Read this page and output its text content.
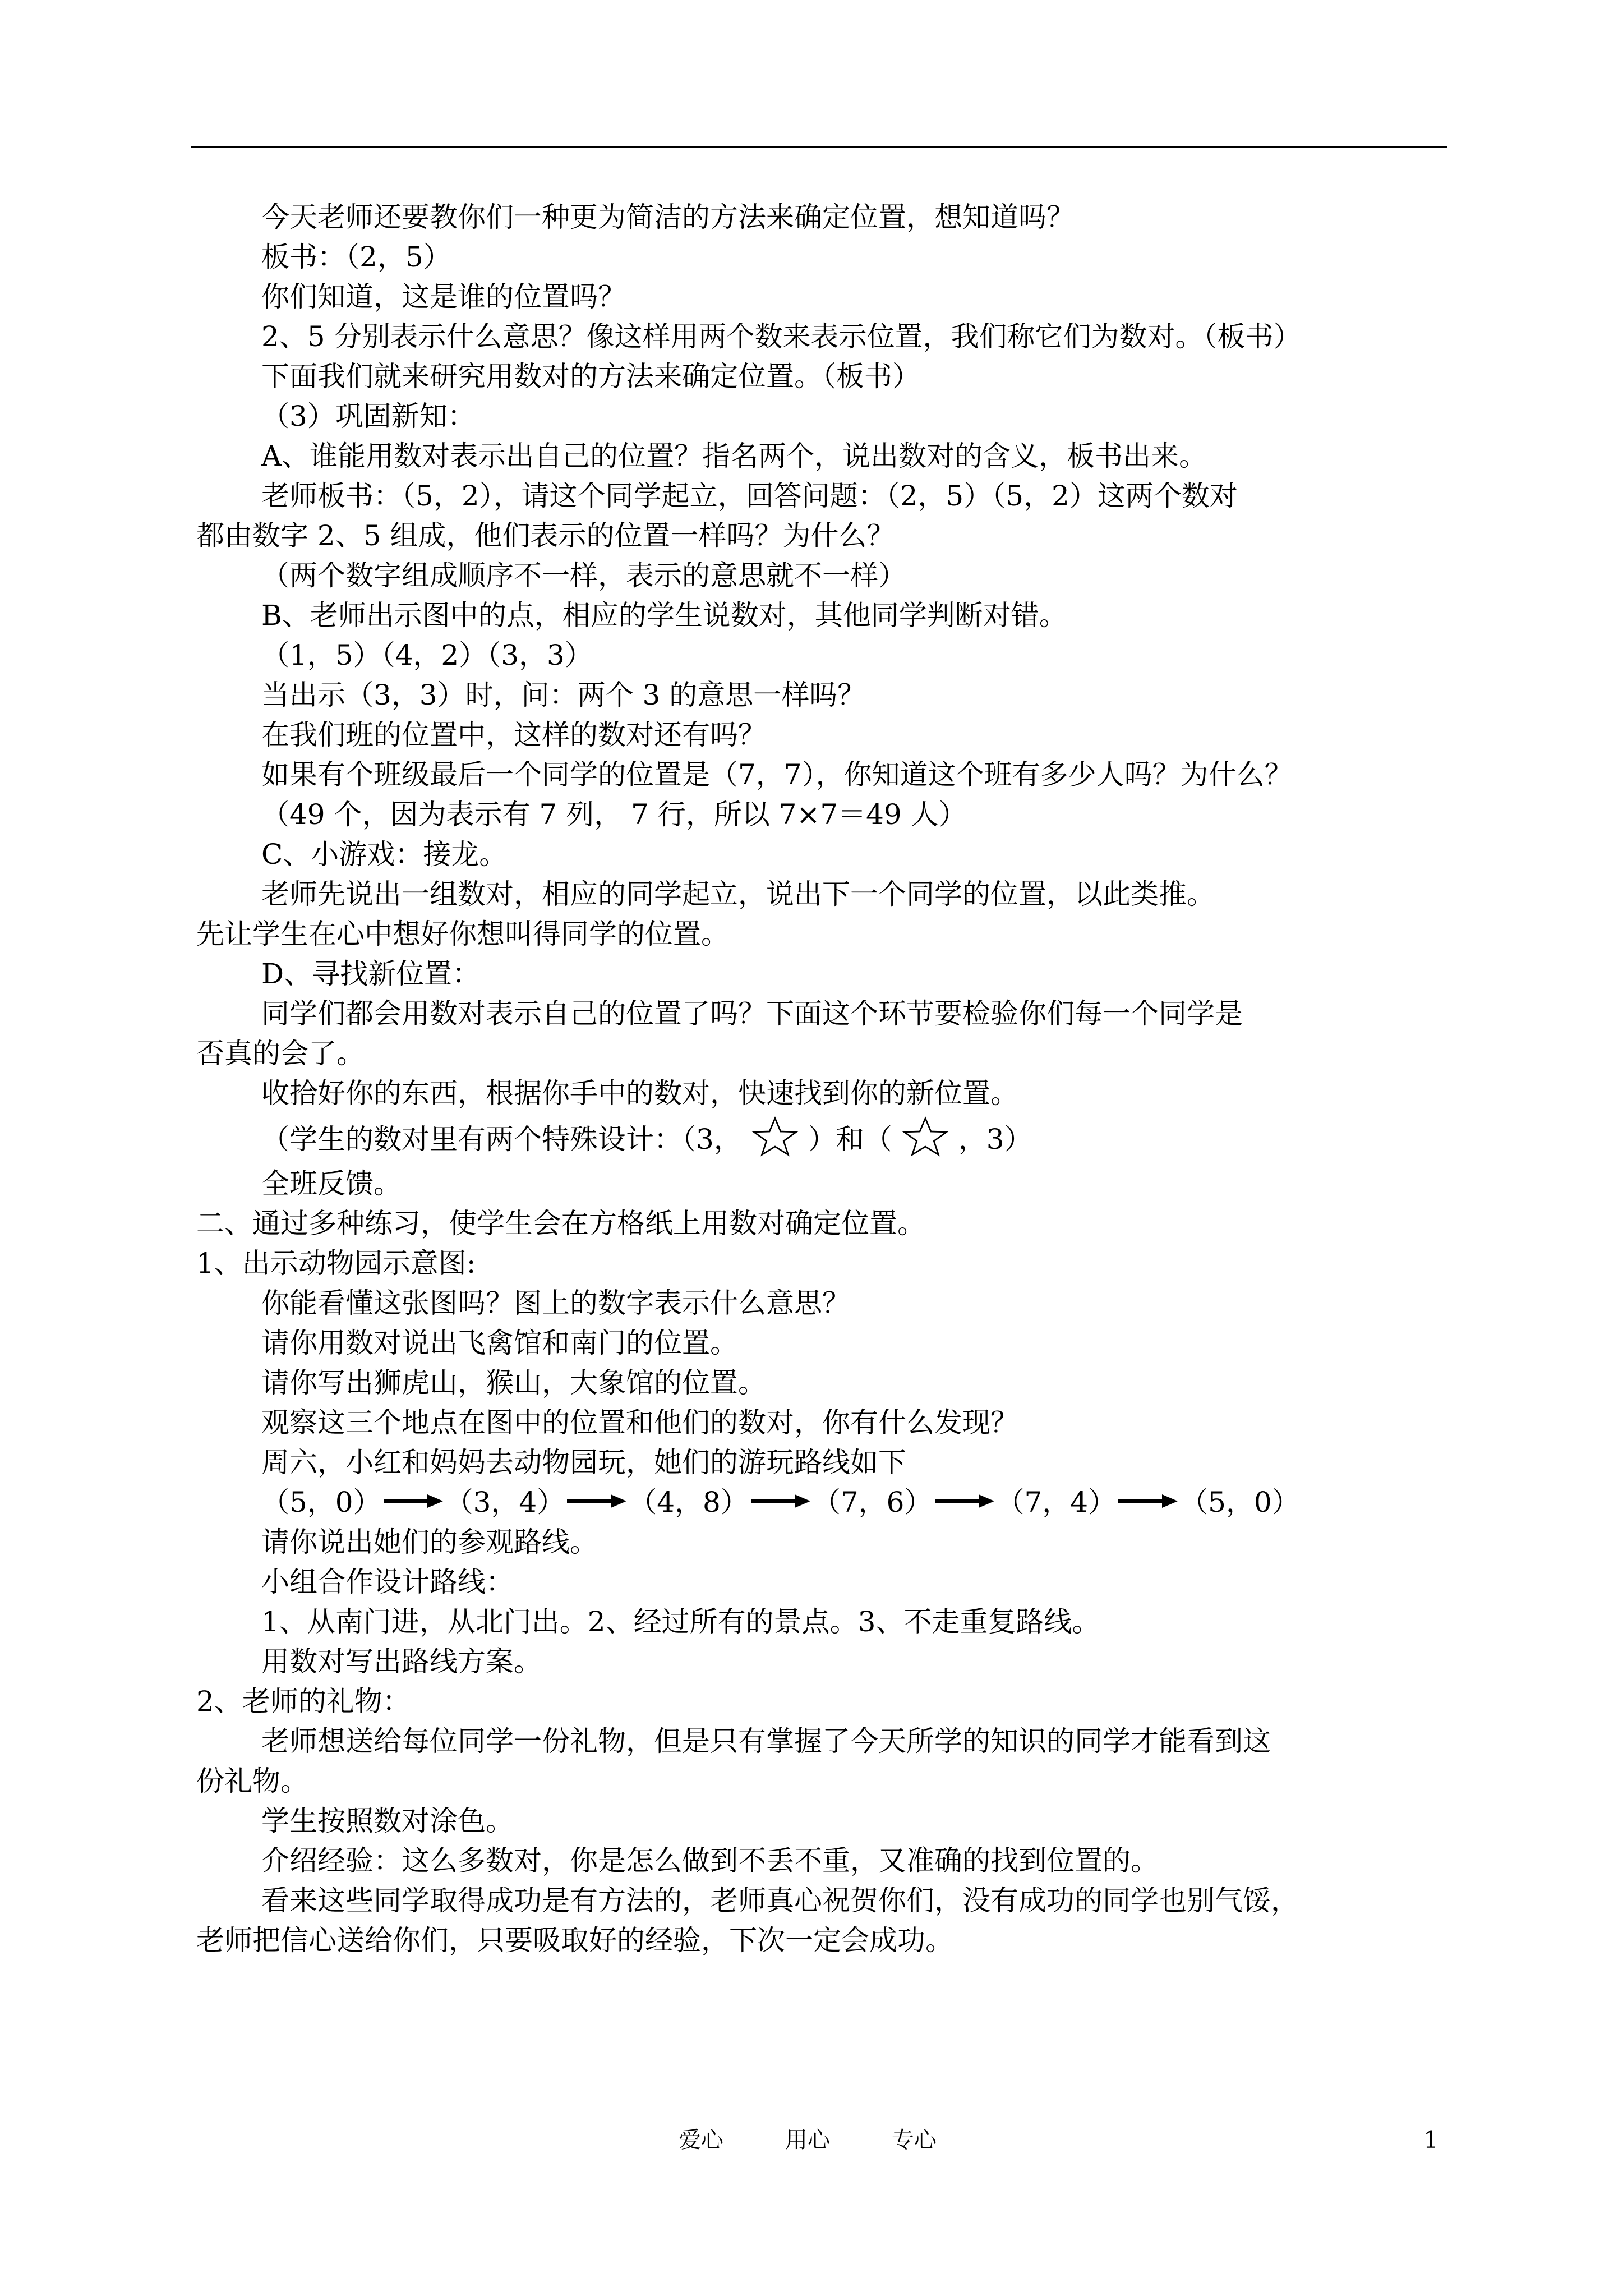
今天老师还要教你们一种更为简洁的方法来确定位置，想知道吗？
板书：（2，5）
你们知道，这是谁的位置吗？
2、5 分别表示什么意思？像这样用两个数来表示位置，我们称它们为数对。（板书）
下面我们就来研究用数对的方法来确定位置。（板书）
（3）巩固新知：
A、谁能用数对表示出自己的位置？指名两个，说出数对的含义，板书出来。
老师板书：（5，2），请这个同学起立，回答问题：（2，5）（5，2）这两个数对
都由数字 2、5 组成，他们表示的位置一样吗？为什么？
（两个数字组成顺序不一样，表示的意思就不一样）
B、老师出示图中的点，相应的学生说数对，其他同学判断对错。
（1，5）（4，2）（3，3）
当出示（3，3）时，问：两个 3 的意思一样吗？
在我们班的位置中，这样的数对还有吗？
如果有个班级最后一个同学的位置是（7，7），你知道这个班有多少人吗？为什么？
（49 个，因为表示有 7 列， 7 行，所以 7×7＝49 人）
C、小游戏：接龙。
老师先说出一组数对，相应的同学起立，说出下一个同学的位置，以此类推。
先让学生在心中想好你想叫得同学的位置。
D、寻找新位置：
同学们都会用数对表示自己的位置了吗？下面这个环节要检验你们每一个同学是
否真的会了。
收拾好你的东西，根据你手中的数对，快速找到你的新位置。
（学生的数对里有两个特殊设计：（3， ）和（ ，3）
全班反馈。
二、通过多种练习，使学生会在方格纸上用数对确定位置。
1、出示动物园示意图:
你能看懂这张图吗？图上的数字表示什么意思？
请你用数对说出飞禽馆和南门的位置。
请你写出狮虎山，猴山，大象馆的位置。
观察这三个地点在图中的位置和他们的数对，你有什么发现？
周六，小红和妈妈去动物园玩，她们的游玩路线如下
（5，0） （3，4） （4，8） （7，6） （7，4） （5，0）
请你说出她们的参观路线。
小组合作设计路线：
1、从南门进，从北门出。2、经过所有的景点。3、不走重复路线。
用数对写出路线方案。
2、老师的礼物：
老师想送给每位同学一份礼物，但是只有掌握了今天所学的知识的同学才能看到这
份礼物。
学生按照数对涂色。
介绍经验：这么多数对，你是怎么做到不丢不重，又准确的找到位置的。
看来这些同学取得成功是有方法的，老师真心祝贺你们，没有成功的同学也别气馁，
老师把信心送给你们，只要吸取好的经验，下次一定会成功。
爱心	用心	专心	1
